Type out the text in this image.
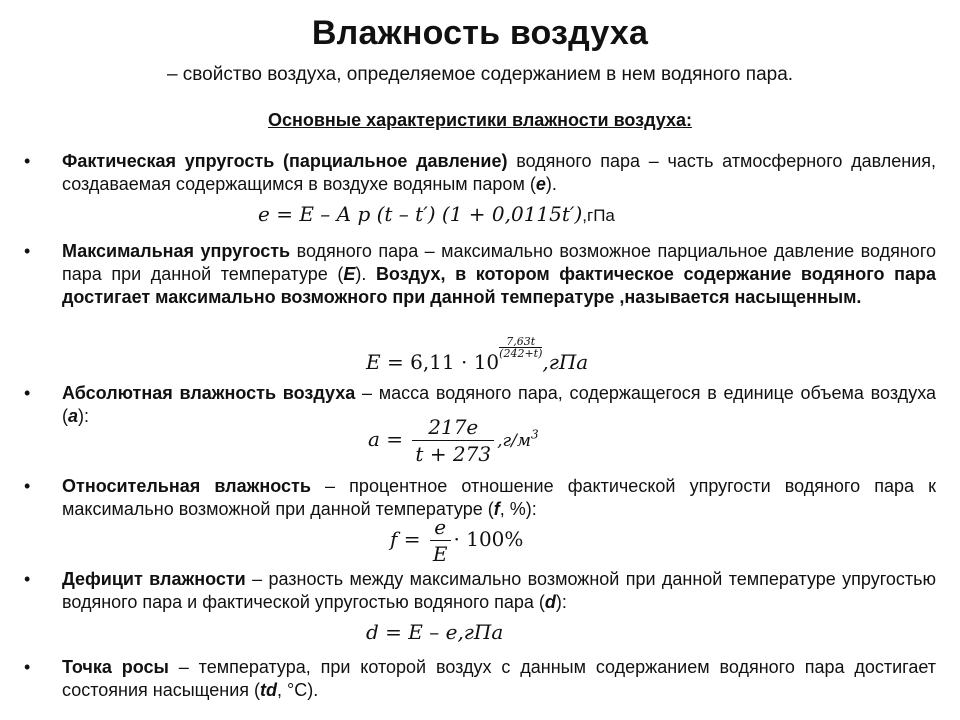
Влажность воздуха
– свойство воздуха, определяемое содержанием в нем водяного пара.
Основные характеристики влажности воздуха:
• Фактическая упругость (парциальное давление) водяного пара – часть атмосферного давления, создаваемая содержащимся в воздухе водяным паром (e).
e = E – A p (t – t′) (1 + 0,0115t′),гПа
• Максимальная упругость водяного пара – максимально возможное парциальное давление водяного пара при данной температуре (E). Воздух, в котором фактическое содержание водяного пара достигает максимально возможного при данной температуре ,называется насыщенным.
E = 6,11 · 10
$\frac{7,63t}{(242+t)}$
,гПа
• Абсолютная влажность воздуха – масса водяного пара, содержащегося в единице объема воздуха (a):
$a = \frac{217e}{t + 273} ,г/м^3$
• Относительная влажность – процентное отношение фактической упругости водяного пара к максимально возможной при данной температуре (f, %):
$f = \frac{e}{E} \cdot 100\%$
• Дефицит влажности – разность между максимально возможной при данной температуре упругостью водяного пара и фактической упругостью водяного пара (d):
d = E – e,гПа
• Точка росы – температура, при которой воздух с данным содержанием водяного пара достигает состояния насыщения (td, °С).
